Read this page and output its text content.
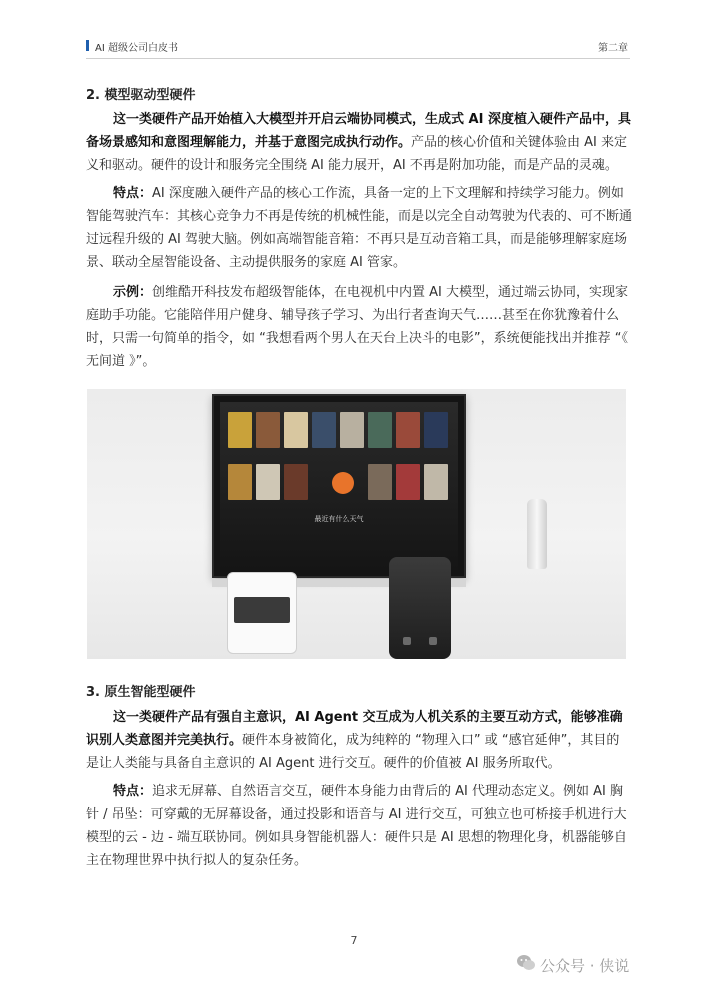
AI 超级公司白皮书	第二章
2. 模型驱动型硬件

这一类硬件产品开始植入大模型并开启云端协同模式，生成式 AI 深度植入硬件产品中，具备场景感知和意图理解能力，并基于意图完成执行动作。产品的核心价值和关键体验由 AI 来定义和驱动。硬件的设计和服务完全围绕 AI 能力展开，AI 不再是附加功能，而是产品的灵魂。

特点：AI 深度融入硬件产品的核心工作流，具备一定的上下文理解和持续学习能力。例如智能驾驶汽车：其核心竞争力不再是传统的机械性能，而是以完全自动驾驶为代表的、可不断通过远程升级的 AI 驾驶大脑。例如高端智能音箱：不再只是互动音箱工具，而是能够理解家庭场景、联动全屋智能设备、主动提供服务的家庭 AI 管家。

示例：创维酷开科技发布超级智能体，在电视机中内置 AI 大模型，通过端云协同，实现家庭助手功能。它能陪伴用户健身、辅导孩子学习、为出行者查询天气……甚至在你犹豫着什么时，只需一句简单的指令，如 “我想看两个男人在天台上决斗的电影”，系统便能找出并推荐 “《 无间道 》”。

最近有什么天气
3. 原生智能型硬件

这一类硬件产品有强自主意识，AI Agent 交互成为人机关系的主要互动方式，能够准确识别人类意图并完美执行。硬件本身被简化，成为纯粹的 “物理入口” 或 “感官延伸”，其目的是让人类能与具备自主意识的 AI Agent 进行交互。硬件的价值被 AI 服务所取代。

特点：追求无屏幕、自然语言交互，硬件本身能力由背后的 AI 代理动态定义。例如 AI 胸针 / 吊坠：可穿戴的无屏幕设备，通过投影和语音与 AI 进行交互，可独立也可桥接手机进行大模型的云 - 边 - 端互联协同。例如具身智能机器人：硬件只是 AI 思想的物理化身，机器能够自主在物理世界中执行拟人的复杂任务。

7
公众号 · 侠说
